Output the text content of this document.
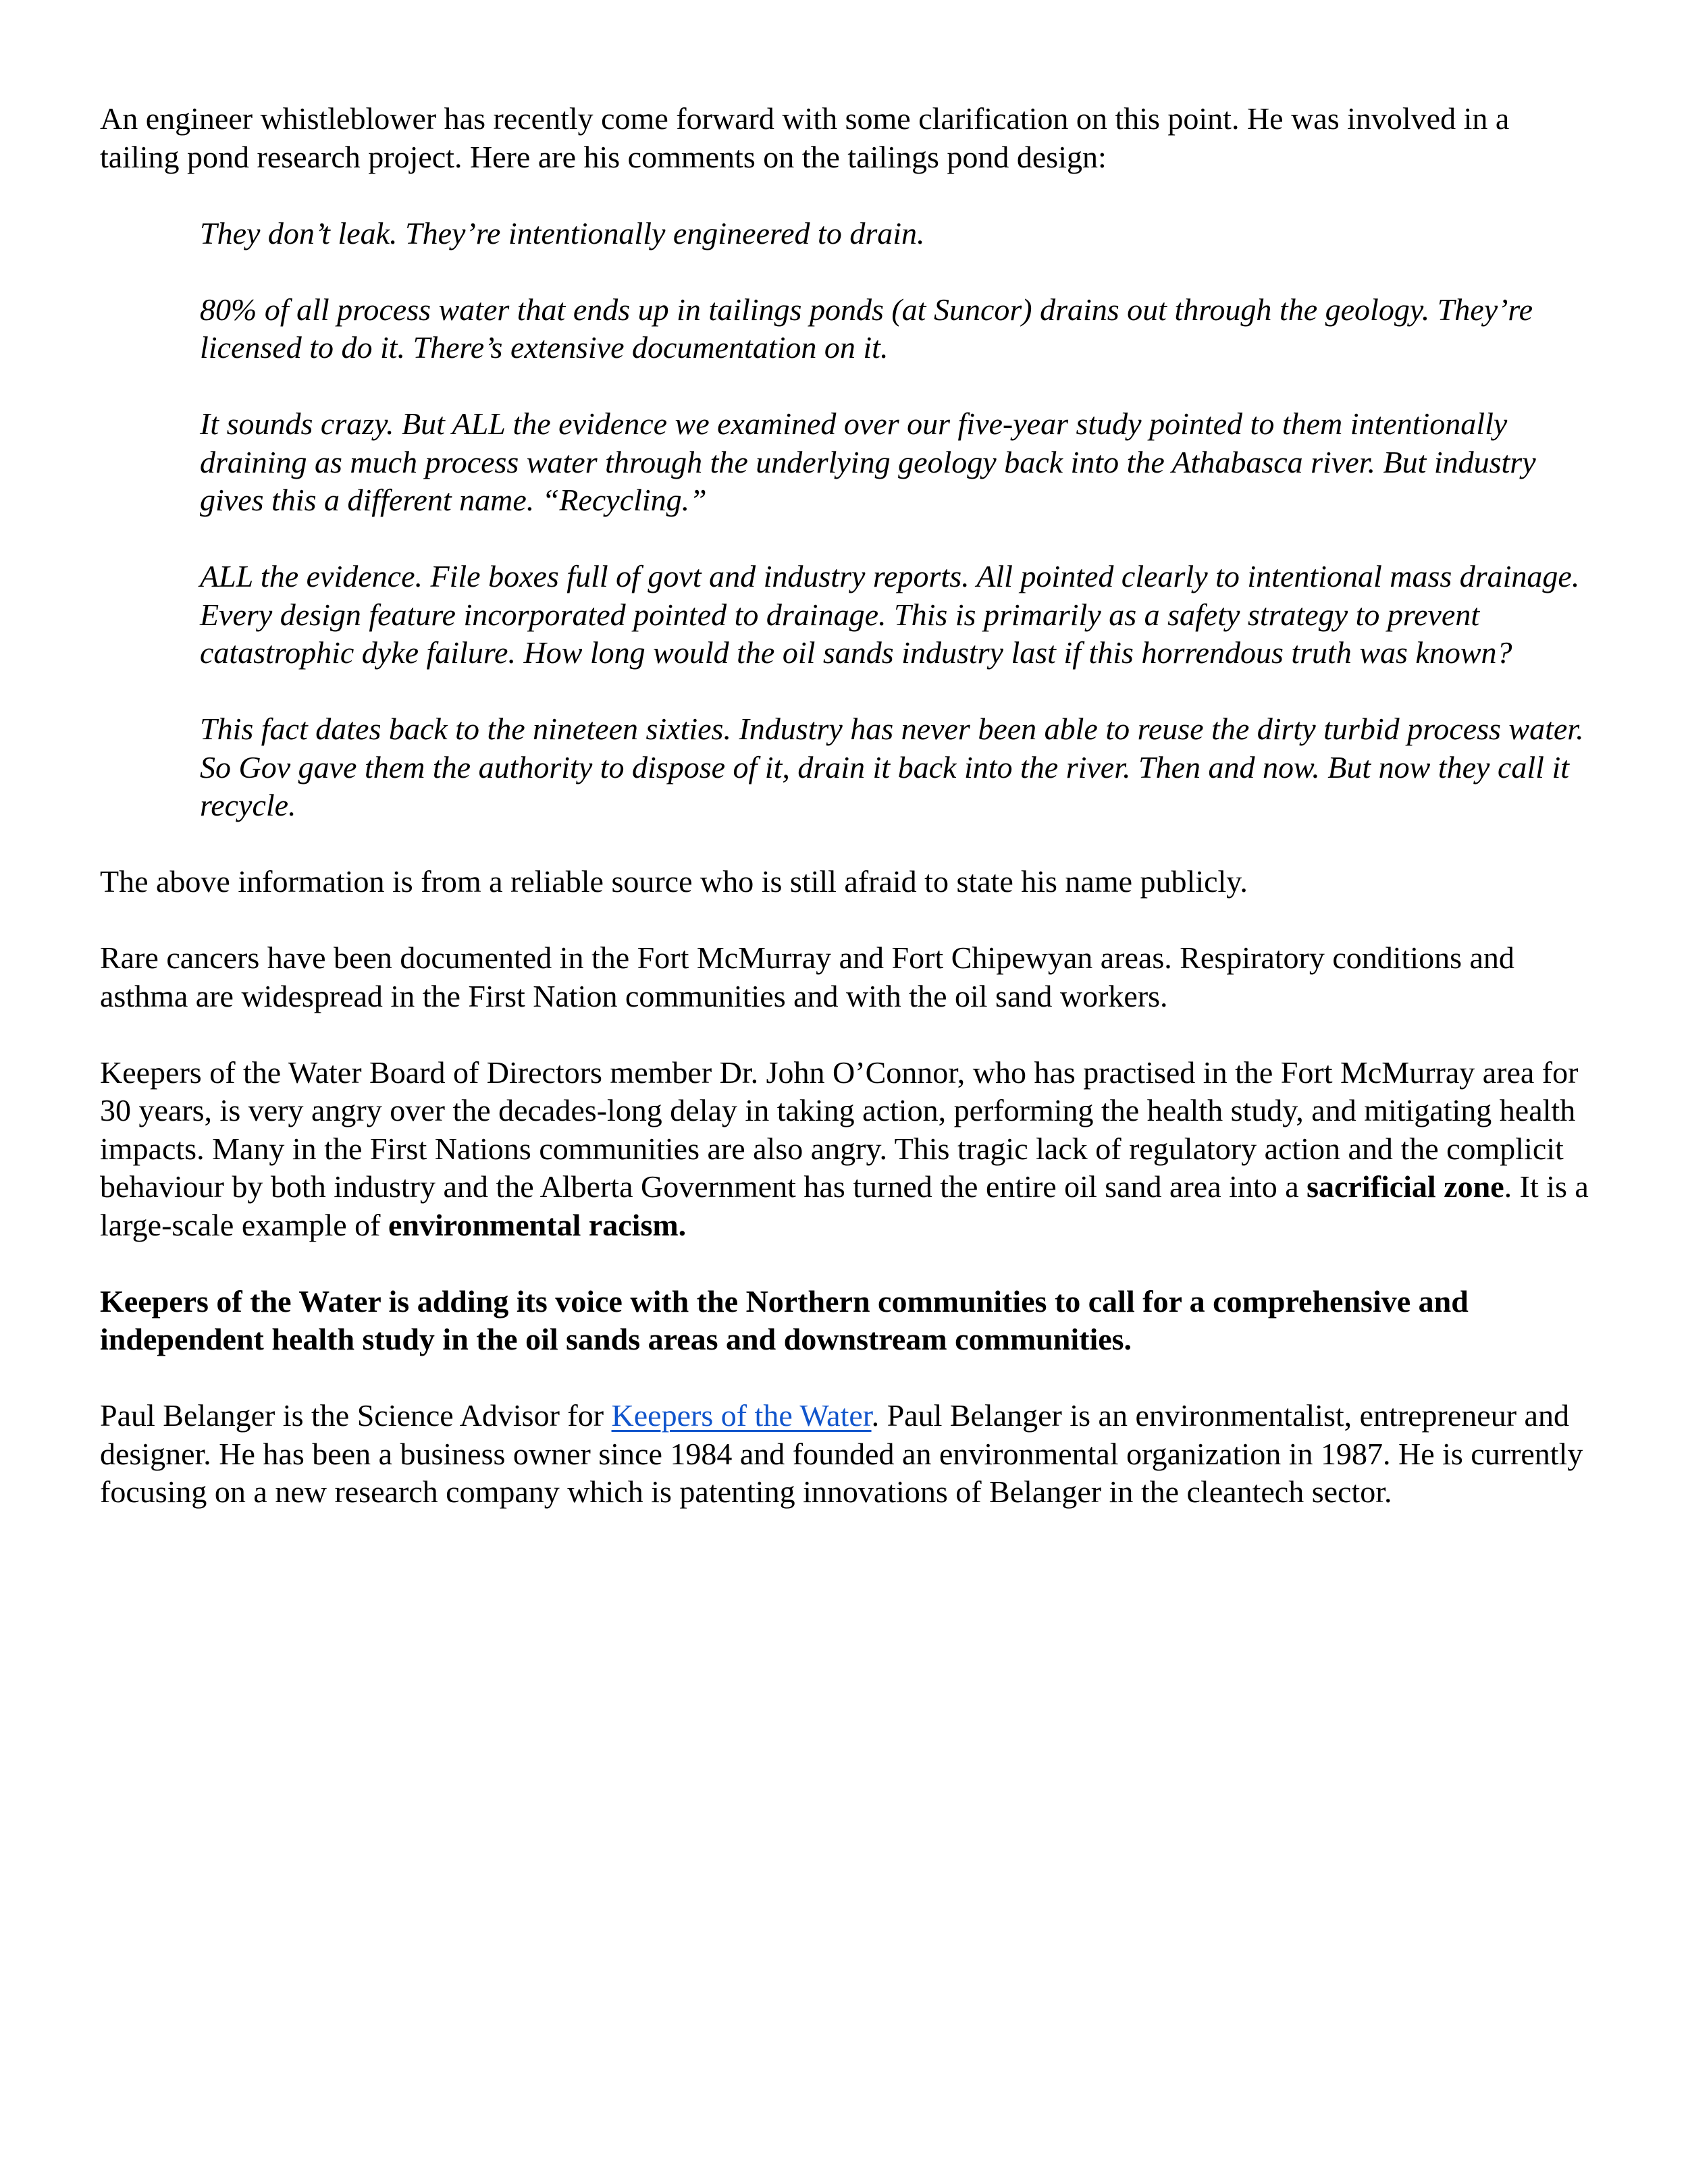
An engineer whistleblower has recently come forward with some clarification on this point. He was involved in a tailing pond research project. Here are his comments on the tailings pond design:

They don’t leak. They’re intentionally engineered to drain.

80% of all process water that ends up in tailings ponds (at Suncor) drains out through the geology. They’re licensed to do it. There’s extensive documentation on it.

It sounds crazy. But ALL the evidence we examined over our five-year study pointed to them intentionally draining as much process water through the underlying geology back into the Athabasca river. But industry gives this a different name. “Recycling.”

ALL the evidence. File boxes full of govt and industry reports. All pointed clearly to intentional mass drainage. Every design feature incorporated pointed to drainage. This is primarily as a safety strategy to prevent catastrophic dyke failure. How long would the oil sands industry last if this horrendous truth was known?

This fact dates back to the nineteen sixties. Industry has never been able to reuse the dirty turbid process water. So Gov gave them the authority to dispose of it, drain it back into the river. Then and now. But now they call it recycle.

The above information is from a reliable source who is still afraid to state his name publicly.

Rare cancers have been documented in the Fort McMurray and Fort Chipewyan areas. Respiratory conditions and asthma are widespread in the First Nation communities and with the oil sand workers.

Keepers of the Water Board of Directors member Dr. John O’Connor, who has practised in the Fort McMurray area for 30 years, is very angry over the decades-long delay in taking action, performing the health study, and mitigating health impacts. Many in the First Nations communities are also angry. This tragic lack of regulatory action and the complicit behaviour by both industry and the Alberta Government has turned the entire oil sand area into a sacrificial zone. It is a large-scale example of environmental racism.

Keepers of the Water is adding its voice with the Northern communities to call for a comprehensive and independent health study in the oil sands areas and downstream communities.

Paul Belanger is the Science Advisor for Keepers of the Water. Paul Belanger is an environmentalist, entrepreneur and designer. He has been a business owner since 1984 and founded an environmental organization in 1987. He is currently focusing on a new research company which is patenting innovations of Belanger in the cleantech sector.
